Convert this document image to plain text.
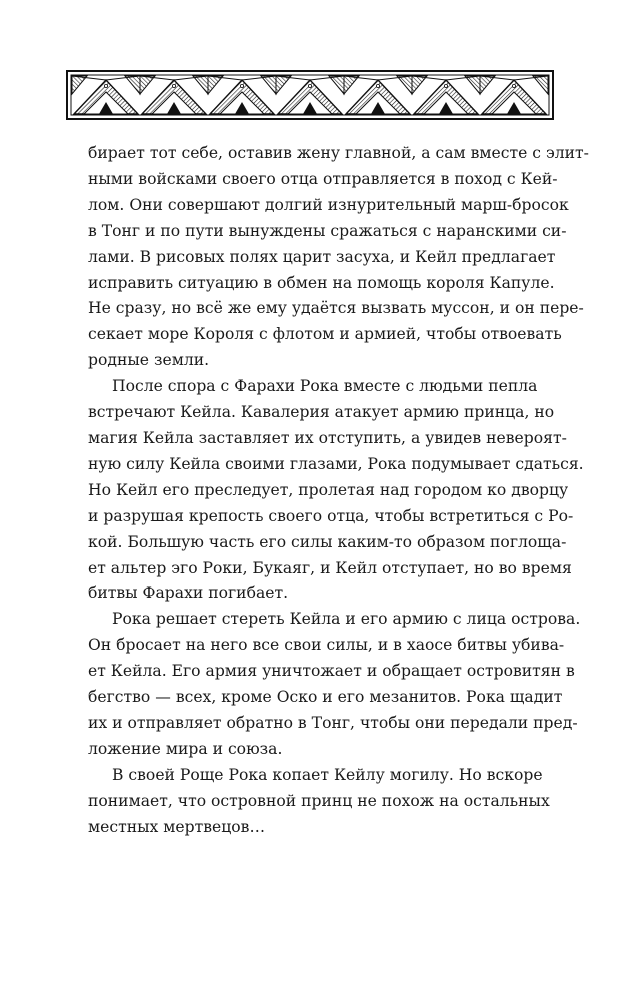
бирает тот себе, оставив жену главной, а сам вместе с элит-
ными войсками своего отца отправляется в поход с Кей-
лом. Они совершают долгий изнурительный марш-бросок
в Тонг и по пути вынуждены сражаться с наранскими си-
лами. В рисовых полях царит засуха, и Кейл предлагает
исправить ситуацию в обмен на помощь короля Капуле.
Не сразу, но всё же ему удаётся вызвать муссон, и он пере-
секает море Короля с флотом и армией, чтобы отвоевать
родные земли.
После спора с Фарахи Рока вместе с людьми пепла
встречают Кейла. Кавалерия атакует армию принца, но
магия Кейла заставляет их отступить, а увидев невероят-
ную силу Кейла своими глазами, Рока подумывает сдаться.
Но Кейл его преследует, пролетая над городом ко дворцу
и разрушая крепость своего отца, чтобы встретиться с Ро-
кой. Большую часть его силы каким-то образом поглоща-
ет альтер эго Роки, Букаяг, и Кейл отступает, но во время
битвы Фарахи погибает.
Рока решает стереть Кейла и его армию с лица острова.
Он бросает на него все свои силы, и в хаосе битвы убива-
ет Кейла. Его армия уничтожает и обращает островитян в
бегство — всех, кроме Оско и его мезанитов. Рока щадит
их и отправляет обратно в Тонг, чтобы они передали пред-
ложение мира и союза.
В своей Роще Рока копает Кейлу могилу. Но вскоре
понимает, что островной принц не похож на остальных
местных мертвецов…
